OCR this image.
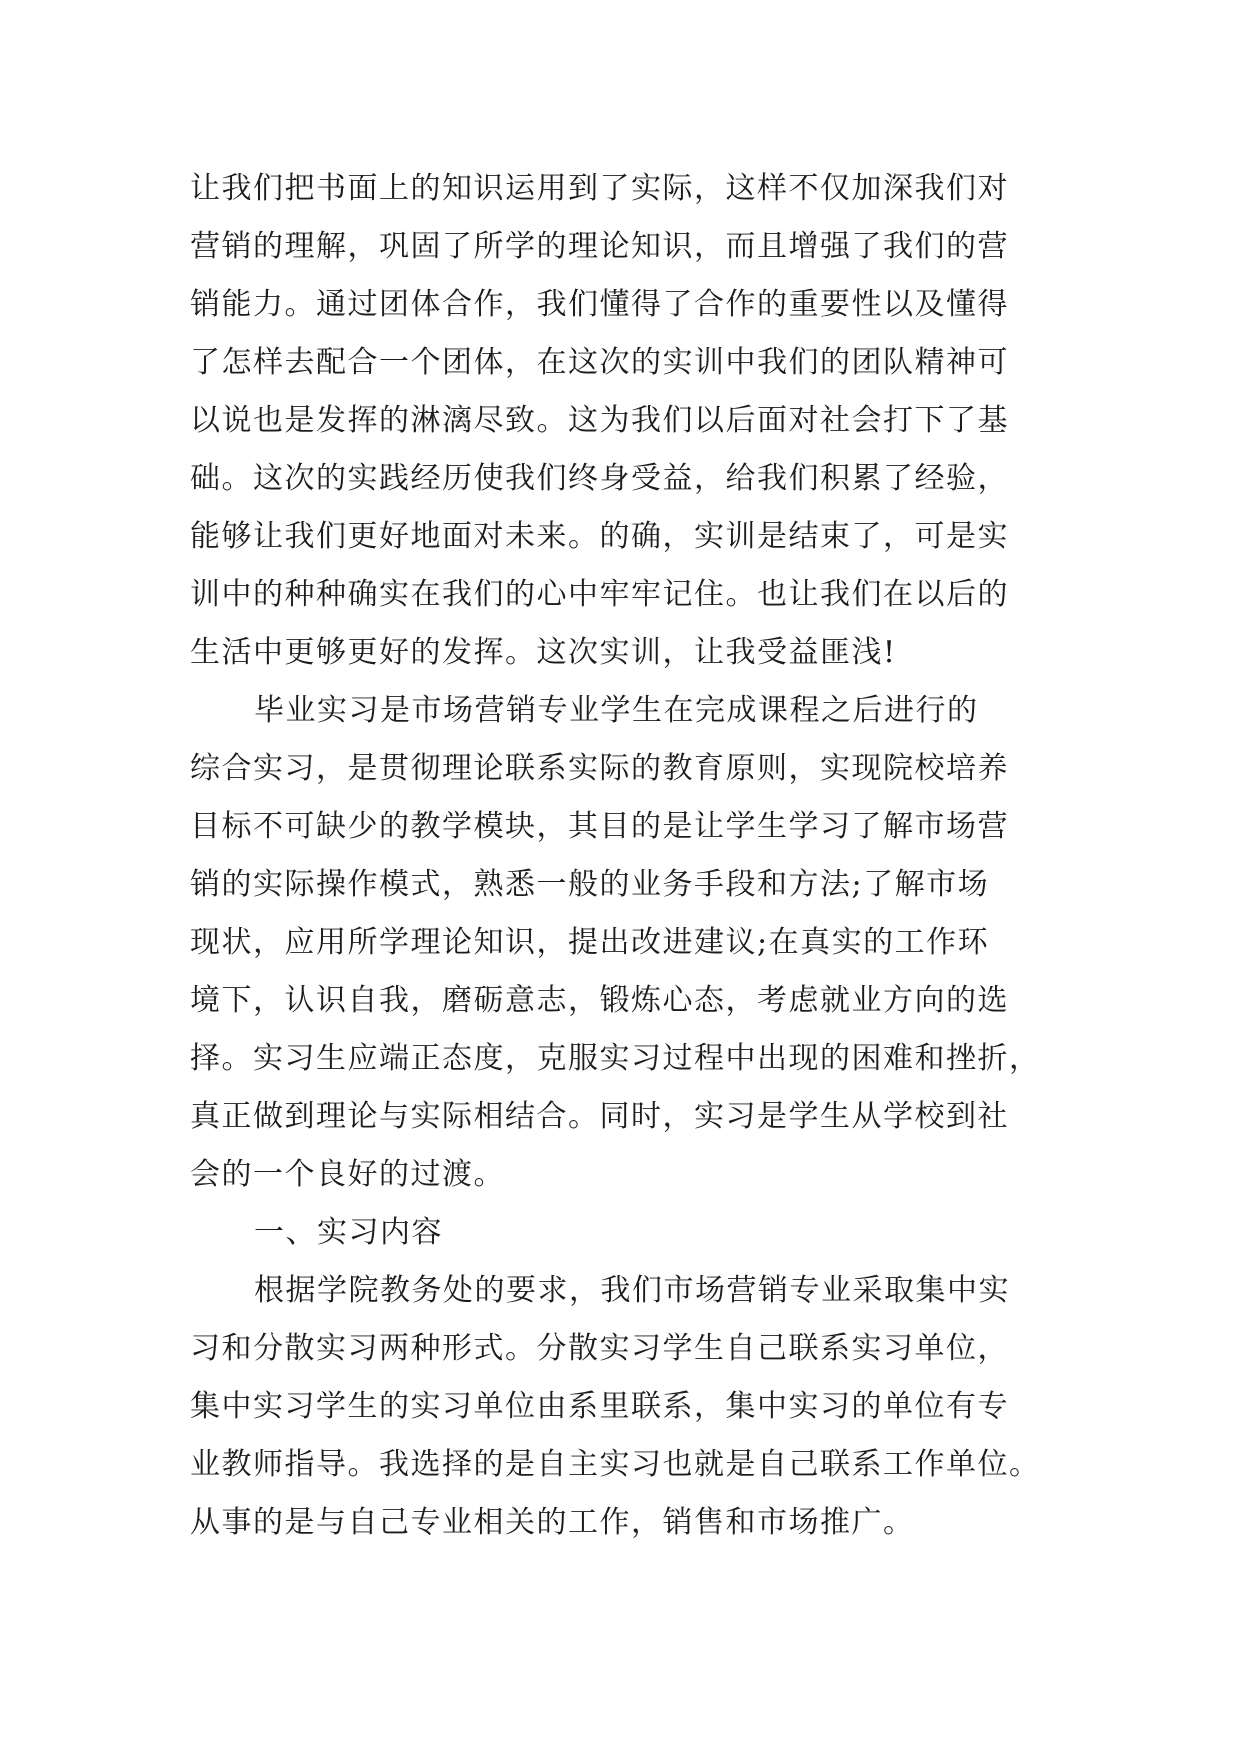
让我们把书面上的知识运用到了实际，这样不仅加深我们对
营销的理解，巩固了所学的理论知识，而且增强了我们的营
销能力。通过团体合作，我们懂得了合作的重要性以及懂得
了怎样去配合一个团体，在这次的实训中我们的团队精神可
以说也是发挥的淋漓尽致。这为我们以后面对社会打下了基
础。这次的实践经历使我们终身受益，给我们积累了经验，
能够让我们更好地面对未来。的确，实训是结束了，可是实
训中的种种确实在我们的心中牢牢记住。也让我们在以后的
生活中更够更好的发挥。这次实训，让我受益匪浅!
毕业实习是市场营销专业学生在完成课程之后进行的
综合实习，是贯彻理论联系实际的教育原则，实现院校培养
目标不可缺少的教学模块，其目的是让学生学习了解市场营
销的实际操作模式，熟悉一般的业务手段和方法;了解市场
现状，应用所学理论知识，提出改进建议;在真实的工作环
境下，认识自我，磨砺意志，锻炼心态，考虑就业方向的选
择。实习生应端正态度，克服实习过程中出现的困难和挫折，
真正做到理论与实际相结合。同时，实习是学生从学校到社
会的一个良好的过渡。
一、实习内容
根据学院教务处的要求，我们市场营销专业采取集中实
习和分散实习两种形式。分散实习学生自己联系实习单位，
集中实习学生的实习单位由系里联系，集中实习的单位有专
业教师指导。我选择的是自主实习也就是自己联系工作单位。
从事的是与自己专业相关的工作，销售和市场推广。
